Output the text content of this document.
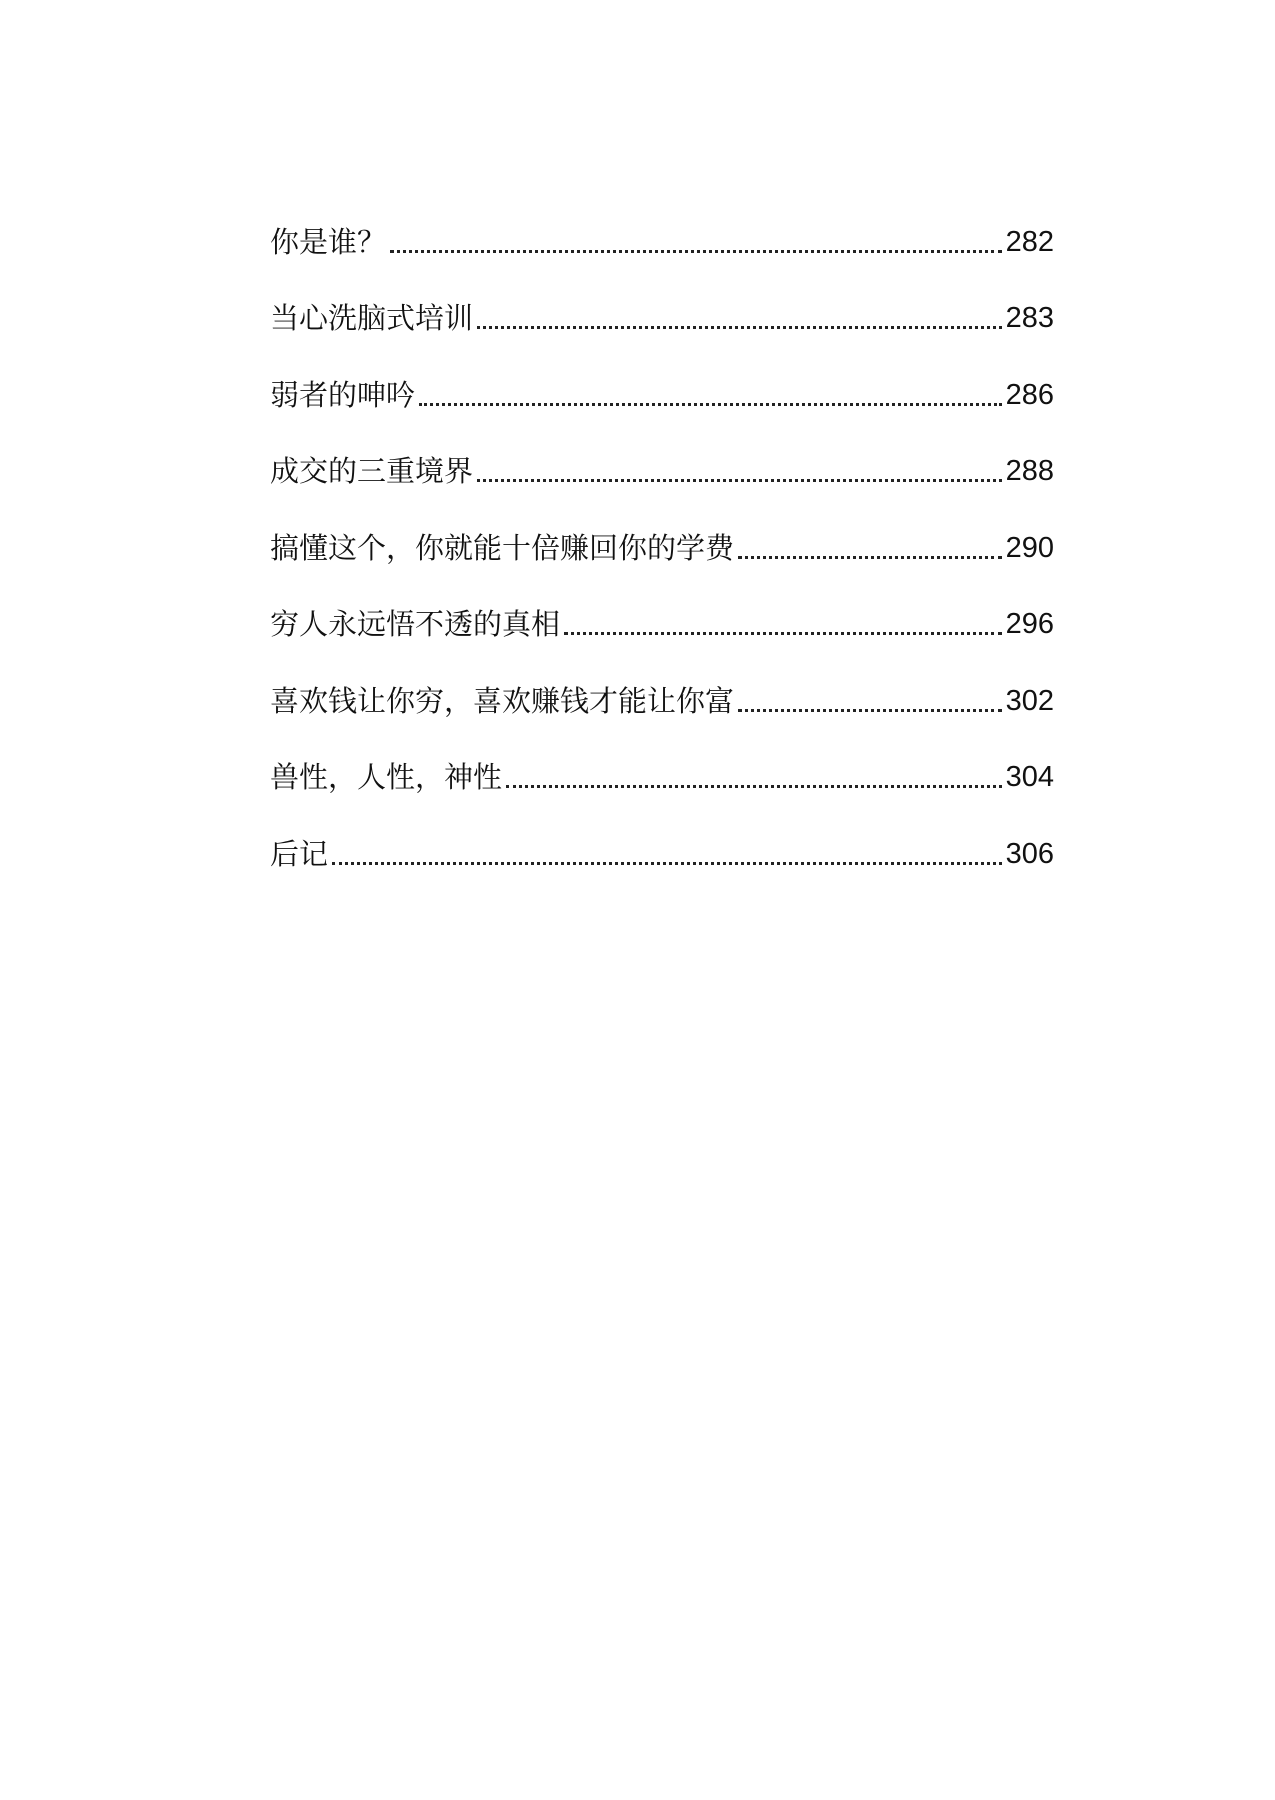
你是谁？	282
当心洗脑式培训	283
弱者的呻吟	286
成交的三重境界	288
搞懂这个，你就能十倍赚回你的学费	290
穷人永远悟不透的真相	296
喜欢钱让你穷，喜欢赚钱才能让你富	302
兽性，人性，神性	304
后记	306
